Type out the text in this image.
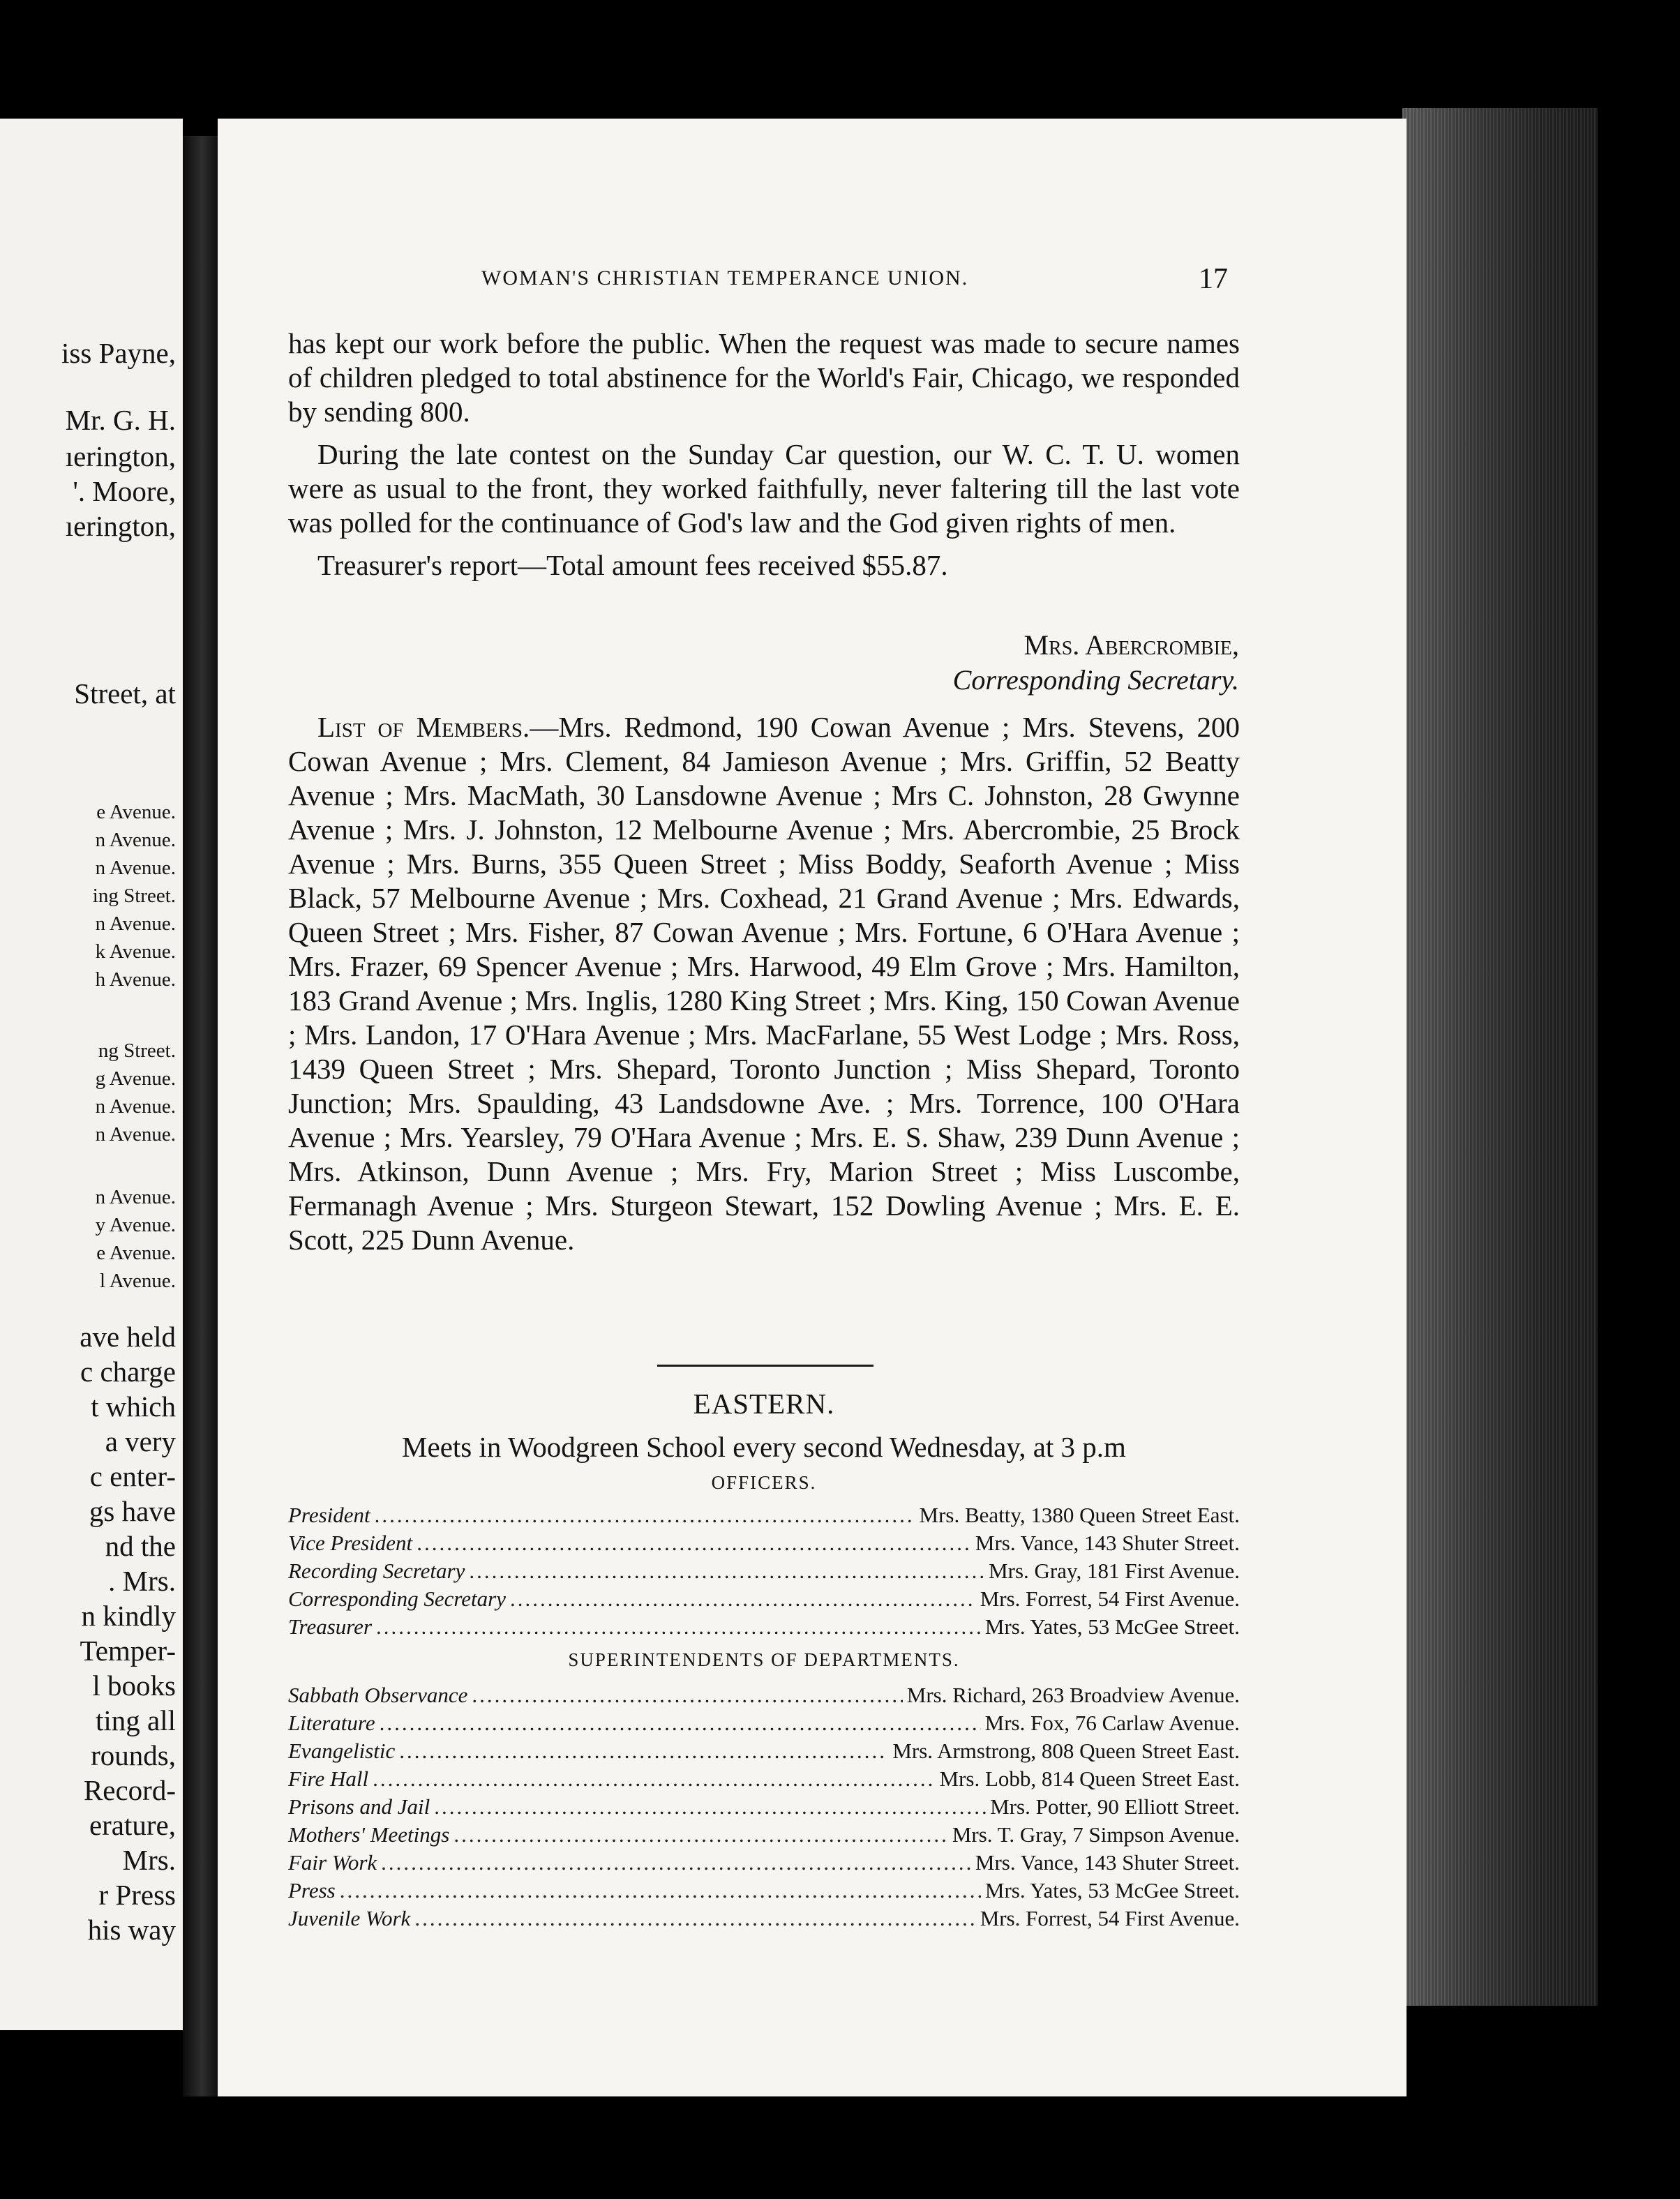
iss Payne,
Mr. G. H.
ıerington,
'. Moore,
ıerington,
Street, at
e Avenue.
n Avenue.
n Avenue.
ing Street.
n Avenue.
k Avenue.
h Avenue.
ng Street.
g Avenue.
n Avenue.
n Avenue.
n Avenue.
y Avenue.
e Avenue.
l Avenue.
ave held
c charge
t which
a very
c enter-
gs have
nd the
. Mrs.
n kindly
Temper-
l books
ting all
rounds,
Record-
erature,
Mrs.
r Press
his way
WOMAN'S CHRISTIAN TEMPERANCE UNION.	17

has kept our work before the public. When the request was made to secure names of children pledged to total abstinence for the World's Fair, Chicago, we responded by sending 800.

During the late contest on the Sunday Car question, our W. C. T. U. women were as usual to the front, they worked faithfully, never faltering till the last vote was polled for the continuance of God's law and the God given rights of men.

Treasurer's report—Total amount fees received $55.87.

Mrs. Abercrombie,
Corresponding Secretary.

List of Members.—Mrs. Redmond, 190 Cowan Avenue ; Mrs. Stevens, 200 Cowan Avenue ; Mrs. Clement, 84 Jamieson Avenue ; Mrs. Griffin, 52 Beatty Avenue ; Mrs. MacMath, 30 Lansdowne Avenue ; Mrs C. Johnston, 28 Gwynne Avenue ; Mrs. J. Johnston, 12 Melbourne Avenue ; Mrs. Abercrombie, 25 Brock Avenue ; Mrs. Burns, 355 Queen Street ; Miss Boddy, Seaforth Avenue ; Miss Black, 57 Melbourne Avenue ; Mrs. Coxhead, 21 Grand Avenue ; Mrs. Edwards, Queen Street ; Mrs. Fisher, 87 Cowan Avenue ; Mrs. Fortune, 6 O'Hara Avenue ; Mrs. Frazer, 69 Spencer Avenue ; Mrs. Harwood, 49 Elm Grove ; Mrs. Hamilton, 183 Grand Avenue ; Mrs. Inglis, 1280 King Street ; Mrs. King, 150 Cowan Avenue ; Mrs. Landon, 17 O'Hara Avenue ; Mrs. MacFarlane, 55 West Lodge ; Mrs. Ross, 1439 Queen Street ; Mrs. Shepard, Toronto Junction ; Miss Shepard, Toronto Junction; Mrs. Spaulding, 43 Landsdowne Ave. ; Mrs. Torrence, 100 O'Hara Avenue ; Mrs. Yearsley, 79 O'Hara Avenue ; Mrs. E. S. Shaw, 239 Dunn Avenue ; Mrs. Atkinson, Dunn Avenue ; Mrs. Fry, Marion Street ; Miss Luscombe, Fermanagh Avenue ; Mrs. Sturgeon Stewart, 152 Dowling Avenue ; Mrs. E. E. Scott, 225 Dunn Avenue.

EASTERN.
Meets in Woodgreen School every second Wednesday, at 3 p.m
OFFICERS.
President .....	Mrs. Beatty, 1380 Queen Street East.
Vice President .....	Mrs. Vance, 143 Shuter Street.
Recording Secretary .....	Mrs. Gray, 181 First Avenue.
Corresponding Secretary .....	Mrs. Forrest, 54 First Avenue.
Treasurer .....	Mrs. Yates, 53 McGee Street.
SUPERINTENDENTS OF DEPARTMENTS.
Sabbath Observance .....	Mrs. Richard, 263 Broadview Avenue.
Literature .....	Mrs. Fox, 76 Carlaw Avenue.
Evangelistic .....	Mrs. Armstrong, 808 Queen Street East.
Fire Hall .....	Mrs. Lobb, 814 Queen Street East.
Prisons and Jail .....	Mrs. Potter, 90 Elliott Street.
Mothers' Meetings .....	Mrs. T. Gray, 7 Simpson Avenue.
Fair Work .....	Mrs. Vance, 143 Shuter Street.
Press .....	Mrs. Yates, 53 McGee Street.
Juvenile Work .....	Mrs. Forrest, 54 First Avenue.
